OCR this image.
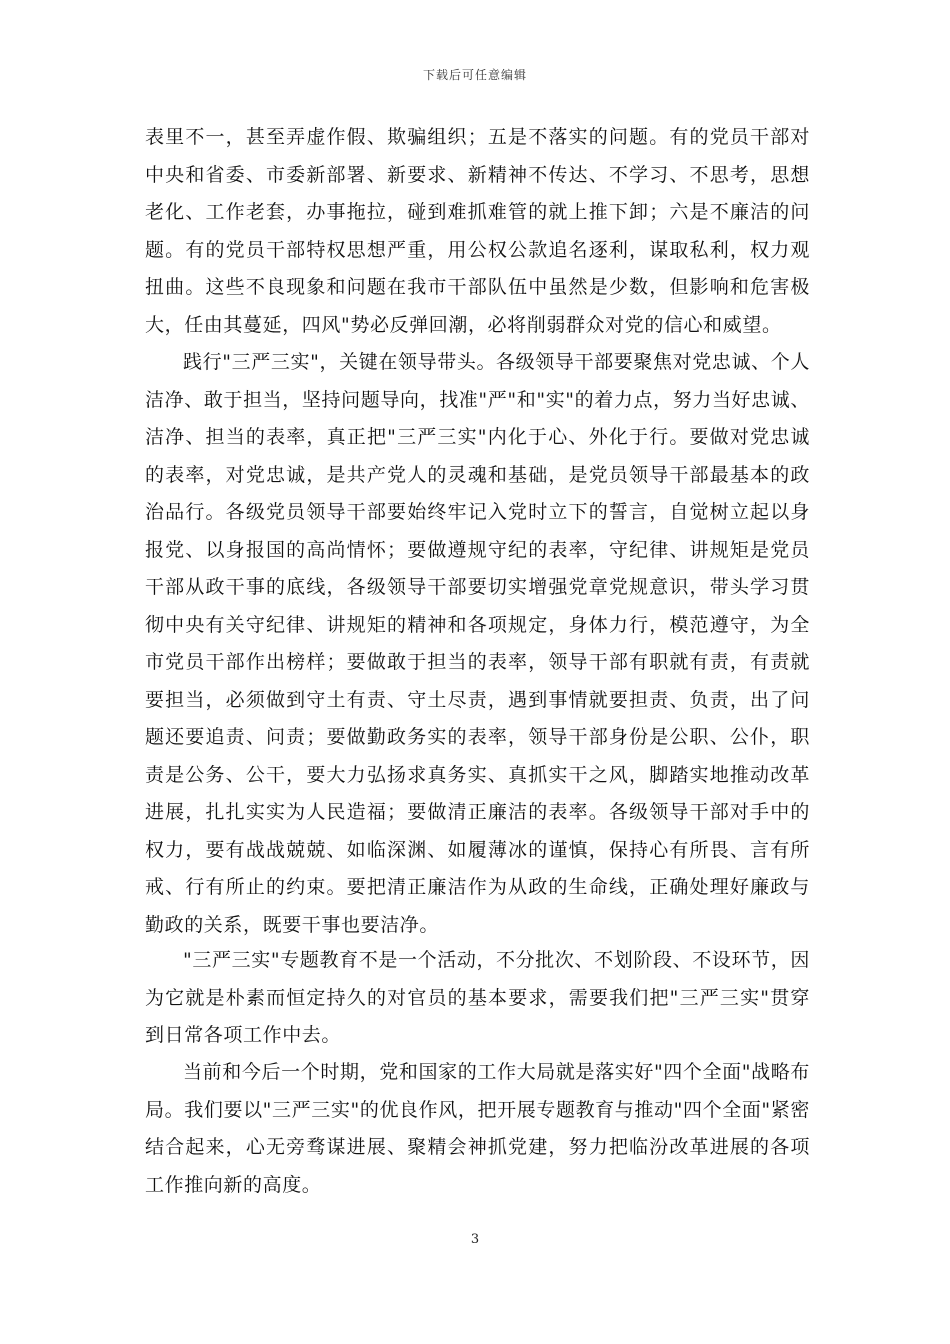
下载后可任意编辑

表里不一，甚至弄虚作假、欺骗组织；五是不落实的问题。有的党员干部对中央和省委、市委新部署、新要求、新精神不传达、不学习、不思考，思想老化、工作老套，办事拖拉，碰到难抓难管的就上推下卸；六是不廉洁的问题。有的党员干部特权思想严重，用公权公款追名逐利，谋取私利，权力观扭曲。这些不良现象和问题在我市干部队伍中虽然是少数，但影响和危害极大，任由其蔓延，四风"势必反弹回潮，必将削弱群众对党的信心和威望。

践行"三严三实"，关键在领导带头。各级领导干部要聚焦对党忠诚、个人洁净、敢于担当，坚持问题导向，找准"严"和"实"的着力点，努力当好忠诚、洁净、担当的表率，真正把"三严三实"内化于心、外化于行。要做对党忠诚的表率，对党忠诚，是共产党人的灵魂和基础，是党员领导干部最基本的政治品行。各级党员领导干部要始终牢记入党时立下的誓言，自觉树立起以身报党、以身报国的高尚情怀；要做遵规守纪的表率，守纪律、讲规矩是党员干部从政干事的底线，各级领导干部要切实增强党章党规意识，带头学习贯彻中央有关守纪律、讲规矩的精神和各项规定，身体力行，模范遵守，为全市党员干部作出榜样；要做敢于担当的表率，领导干部有职就有责，有责就要担当，必须做到守土有责、守土尽责，遇到事情就要担责、负责，出了问题还要追责、问责；要做勤政务实的表率，领导干部身份是公职、公仆，职责是公务、公干，要大力弘扬求真务实、真抓实干之风，脚踏实地推动改革进展，扎扎实实为人民造福；要做清正廉洁的表率。各级领导干部对手中的权力，要有战战兢兢、如临深渊、如履薄冰的谨慎，保持心有所畏、言有所戒、行有所止的约束。要把清正廉洁作为从政的生命线，正确处理好廉政与勤政的关系，既要干事也要洁净。

"三严三实"专题教育不是一个活动，不分批次、不划阶段、不设环节，因为它就是朴素而恒定持久的对官员的基本要求，需要我们把"三严三实"贯穿到日常各项工作中去。

当前和今后一个时期，党和国家的工作大局就是落实好"四个全面"战略布局。我们要以"三严三实"的优良作风，把开展专题教育与推动"四个全面"紧密结合起来，心无旁骛谋进展、聚精会神抓党建，努力把临汾改革进展的各项工作推向新的高度。

3
